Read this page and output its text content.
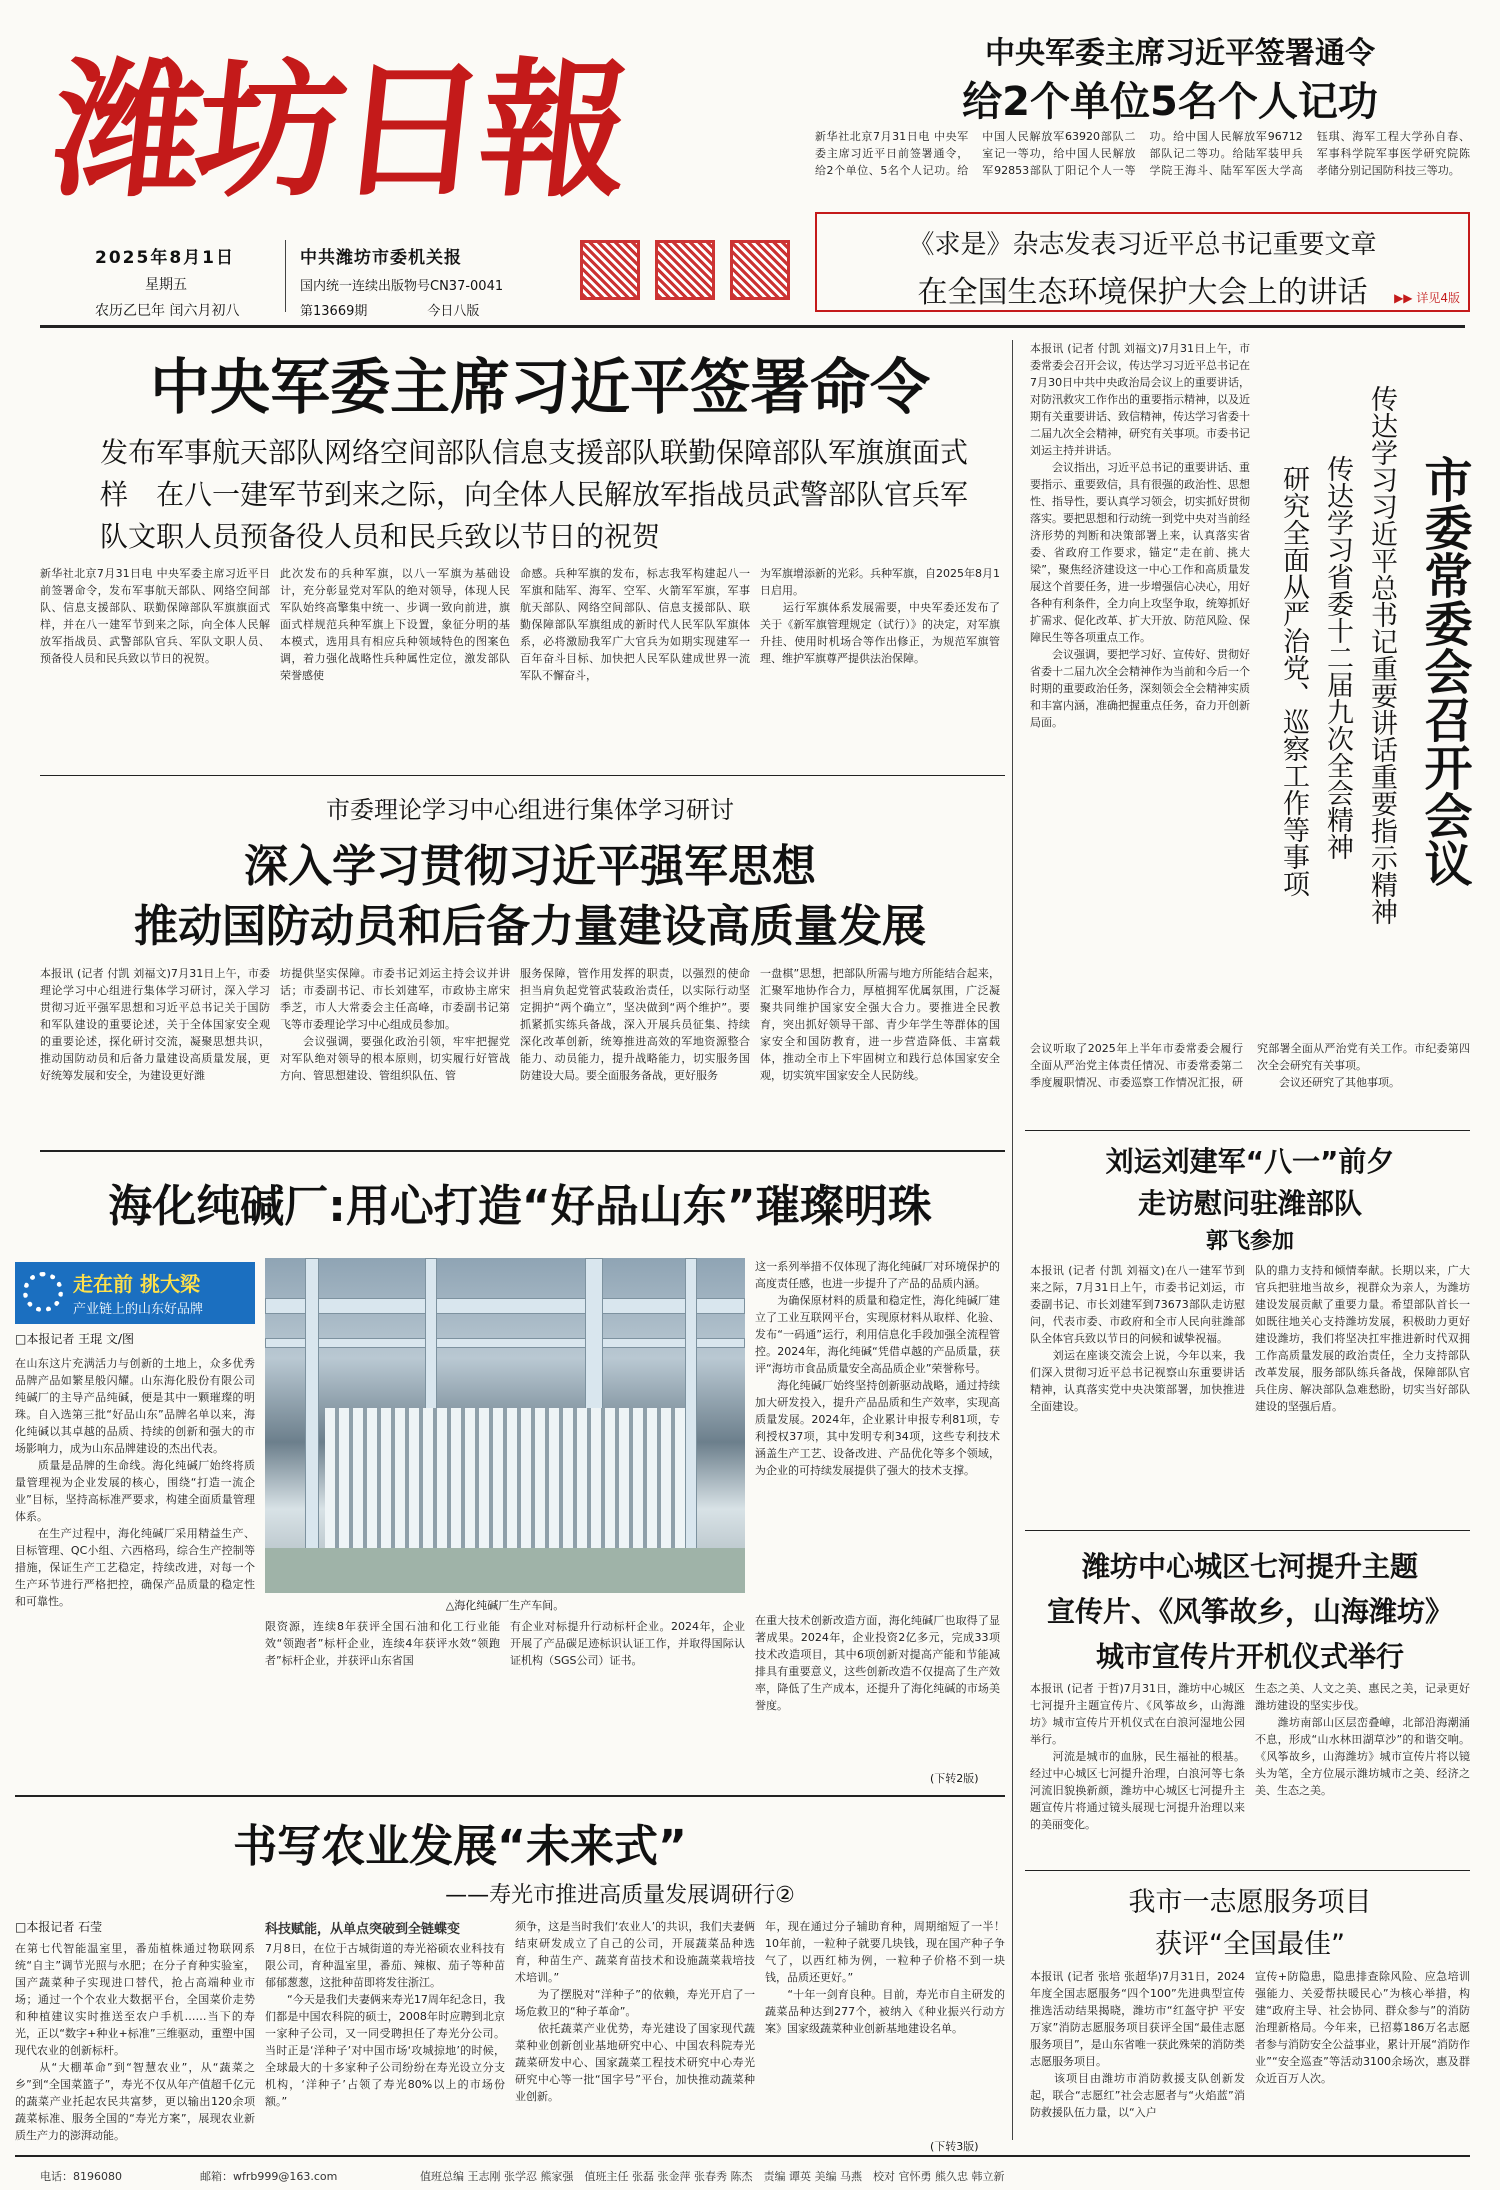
潍坊日報	中央军委主席习近平签署通令
给2个单位5名个人记功
新华社北京7月31日电 中央军委主席习近平日前签署通令，给2个单位、5名个人记功。给中国人民解放军63920部队二室记一等功，给中国人民解放军92853部队丁阳记个人一等功。给中国人民解放军96712部队记二等功。给陆军装甲兵学院王海斗、陆军军医大学高钰琪、海军工程大学孙自春、军事科学院军事医学研究院陈孝储分别记国防科技三等功。
2025年8月1日
星期五
农历乙巳年 闰六月初八
中共潍坊市委机关报
国内统一连续出版物号CN37-0041
第13669期	今日八版
《求是》杂志发表习近平总书记重要文章
在全国生态环境保护大会上的讲话	▶▶ 详见4版
中央军委主席习近平签署命令
发布军事航天部队网络空间部队信息支援部队联勤保障部队军旗旗面式样　在八一建军节到来之际，向全体人民解放军指战员武警部队官兵军队文职人员预备役人员和民兵致以节日的祝贺
新华社北京7月31日电 中央军委主席习近平日前签署命令，发布军事航天部队、网络空间部队、信息支援部队、联勤保障部队军旗旗面式样，并在八一建军节到来之际，向全体人民解放军指战员、武警部队官兵、军队文职人员、预备役人员和民兵致以节日的祝贺。
此次发布的兵种军旗，以八一军旗为基础设计，充分彰显党对军队的绝对领导，体现人民军队始终高擎集中统一、步调一致向前进，旗面式样规范兵种军旗上下设置，象征分明的基本模式，选用具有相应兵种领域特色的图案色调，着力强化战略性兵种属性定位，激发部队荣誉感使
命感。兵种军旗的发布，标志我军构建起八一军旗和陆军、海军、空军、火箭军军旗，军事航天部队、网络空间部队、信息支援部队、联勤保障部队军旗组成的新时代人民军队军旗体系，必将激励我军广大官兵为如期实现建军一百年奋斗目标、加快把人民军队建成世界一流军队不懈奋斗，
为军旗增添新的光彩。兵种军旗，自2025年8月1日启用。
　　运行军旗体系发展需要，中央军委还发布了关于《新军旗管理规定（试行）》的决定，对军旗升挂、使用时机场合等作出修正，为规范军旗管理、维护军旗尊严提供法治保障。
市委理论学习中心组进行集体学习研讨
深入学习贯彻习近平强军思想
推动国防动员和后备力量建设高质量发展
本报讯 (记者 付凯 刘福文)7月31日上午，市委理论学习中心组进行集体学习研讨，深入学习贯彻习近平强军思想和习近平总书记关于国防和军队建设的重要论述，关于全体国家安全观的重要论述，探化研讨交流，凝聚思想共识，推动国防动员和后备力量建设高质量发展，更好统筹发展和安全，为建设更好潍
坊提供坚实保障。市委书记刘运主持会议并讲话；市委副书记、市长刘建军，市政协主席宋季芝，市人大常委会主任高峰，市委副书记第飞等市委理论学习中心组成员参加。
　　会议强调，要强化政治引领，牢牢把握党对军队绝对领导的根本原则，切实履行好管战方向、管思想建设、管组织队伍、管
服务保障，管作用发挥的职责，以强烈的使命担当肩负起党管武装政治责任，以实际行动坚定拥护“两个确立”，坚决做到“两个维护”。要抓紧抓实练兵备战，深入开展兵员征集、持续深化改革创新，统筹推进高效的军地资源整合能力、动员能力，提升战略能力，切实服务国防建设大局。要全面服务备战，更好服务
一盘棋”思想，把部队所需与地方所能结合起来，汇聚军地协作合力，厚植拥军优属氛围，广泛凝聚共同维护国家安全强大合力。要推进全民教育，突出抓好领导干部、青少年学生等群体的国家安全和国防教育，进一步营造降低、丰富载体，推动全市上下牢固树立和践行总体国家安全观，切实筑牢国家安全人民防线。
本报讯 (记者 付凯 刘福文)7月31日上午，市委常委会召开会议，传达学习习近平总书记在7月30日中共中央政治局会议上的重要讲话，对防汛救灾工作作出的重要指示精神，以及近期有关重要讲话、致信精神，传达学习省委十二届九次全会精神，研究有关事项。市委书记刘运主持并讲话。
　　会议指出，习近平总书记的重要讲话、重要指示、重要致信，具有很强的政治性、思想性、指导性，要认真学习领会，切实抓好贯彻落实。要把思想和行动统一到党中央对当前经济形势的判断和决策部署上来，认真落实省委、省政府工作要求，锚定“走在前、挑大梁”，聚焦经济建设这一中心工作和高质量发展这个首要任务，进一步增强信心决心，用好各种有利条件，全力向上攻坚争取，统筹抓好扩需求、促化改革、扩大开放、防范风险、保障民生等各项重点工作。
　　会议强调，要把学习好、宣传好、贯彻好省委十二届九次全会精神作为当前和今后一个时期的重要政治任务，深刻领会全会精神实质和丰富内涵，准确把握重点任务，奋力开创新局面。	市委常委会召开会议
传达学习习近平总书记重要讲话重要指示精神
传达学习省委十二届九次全会精神
研究全面从严治党、巡察工作等事项
会议听取了2025年上半年市委常委会履行全面从严治党主体责任情况、市委常委第二季度履职情况、市委巡察工作情况汇报，研究部署全面从严治党有关工作。市纪委第四次全会研究有关事项。
　　会议还研究了其他事项。
刘运刘建军“八一”前夕
走访慰问驻潍部队
郭飞参加
本报讯 (记者 付凯 刘福文)在八一建军节到来之际，7月31日上午，市委书记刘运，市委副书记、市长刘建军到73673部队走访慰问，代表市委、市政府和全市人民向驻潍部队全体官兵致以节日的问候和诚挚祝福。
　　刘运在座谈交流会上说，今年以来，我们深入贯彻习近平总书记视察山东重要讲话精神，认真落实党中央决策部署，加快推进全面建设。
队的鼎力支持和倾情奉献。长期以来，广大官兵把驻地当故乡，视群众为亲人，为潍坊建设发展贡献了重要力量。希望部队首长一如既往地关心支持潍坊发展，积极助力更好建设潍坊，我们将坚决扛牢推进新时代双拥工作高质量发展的政治责任，全力支持部队改革发展，服务部队练兵备战，保障部队官兵住房、解决部队急难愁盼，切实当好部队建设的坚强后盾。
潍坊中心城区七河提升主题
宣传片、《风筝故乡，山海潍坊》
城市宣传片开机仪式举行
本报讯 (记者 于哲)7月31日，潍坊中心城区七河提升主题宣传片、《风筝故乡，山海潍坊》城市宣传片开机仪式在白浪河湿地公园举行。
　　河流是城市的血脉，民生福祉的根基。经过中心城区七河提升治理，白浪河等七条河流旧貌换新颜，潍坊中心城区七河提升主题宣传片将通过镜头展现七河提升治理以来的美丽变化。
生态之美、人文之美、惠民之美，记录更好潍坊建设的坚实步伐。
　　潍坊南部山区层峦叠嶂，北部沿海潮涌不息，形成“山水林田湖草沙”的和谐交响。《风筝故乡，山海潍坊》城市宣传片将以镜头为笔，全方位展示潍坊城市之美、经济之美、生态之美。
我市一志愿服务项目
获评“全国最佳”
本报讯 (记者 张培 张超华)7月31日，2024年度全国志愿服务“四个100”先进典型宣传推选活动结果揭晓，潍坊市“红盔守护 平安万家”消防志愿服务项目获评全国“最佳志愿服务项目”，是山东省唯一获此殊荣的消防类志愿服务项目。
　　该项目由潍坊市消防救援支队创新发起，联合“志愿红”社会志愿者与“火焰蓝”消防救援队伍力量，以“入户
宣传+防隐患，隐患排查除风险、应急培训强能力、关爱帮扶暖民心”为核心举措，构建“政府主导、社会协同、群众参与”的消防治理新格局。今年来，已招募186万名志愿者参与消防安全公益事业，累计开展“消防作业”“安全巡查”等活动3100余场次，惠及群众近百万人次。
海化纯碱厂:用心打造“好品山东”璀璨明珠
走在前 挑大梁
产业链上的山东好品牌
□本报记者 王琨 文/图
在山东这片充满活力与创新的土地上，众多优秀品牌产品如繁星般闪耀。山东海化股份有限公司纯碱厂的主导产品纯碱，便是其中一颗璀璨的明珠。自入选第三批“好品山东”品牌名单以来，海化纯碱以其卓越的品质、持续的创新和强大的市场影响力，成为山东品牌建设的杰出代表。
　　质量是品牌的生命线。海化纯碱厂始终将质量管理视为企业发展的核心，围绕“打造一流企业”目标，坚持高标准严要求，构建全面质量管理体系。
　　在生产过程中，海化纯碱厂采用精益生产、目标管理、QC小组、六西格玛，综合生产控制等措施，保证生产工艺稳定，持续改进，对每一个生产环节进行严格把控，确保产品质量的稳定性和可靠性。	△海化纯碱厂生产车间。
限资源，连续8年获评全国石油和化工行业能效“领跑者”标杆企业，连续4年获评水效“领跑者”标杆企业，并获评山东省国
有企业对标提升行动标杆企业。2024年，企业开展了产品碳足迹标识认证工作，并取得国际认证机构（SGS公司）证书。
这一系列举措不仅体现了海化纯碱厂对环境保护的高度责任感，也进一步提升了产品的品质内涵。
　　为确保原材料的质量和稳定性，海化纯碱厂建立了工业互联网平台，实现原材料从取样、化验、发布“一码通”运行，利用信息化手段加强全流程管控。2024年，海化纯碱“凭借卓越的产品质量，获评“海坊市食品质量安全高品质企业”荣誉称号。
　　海化纯碱厂始终坚持创新驱动战略，通过持续加大研发投入，提升产品品质和生产效率，实现高质量发展。2024年，企业累计申报专利81项，专利授权37项，其中发明专利34项，这些专利技术涵盖生产工艺、设备改进、产品优化等多个领域，为企业的可持续发展提供了强大的技术支撑。
在重大技术创新改造方面，海化纯碱厂也取得了显著成果。2024年，企业投资2亿多元，完成33项技术改造项目，其中6项创新对提高产能和节能减排具有重要意义，这些创新改造不仅提高了生产效率，降低了生产成本，还提升了海化纯碱的市场美誉度。
(下转2版)
书写农业发展“未来式”
——寿光市推进高质量发展调研行②
□本报记者 石莹
在第七代智能温室里，番茄植株通过物联网系统“自主”调节光照与水肥；在分子育种实验室，国产蔬菜种子实现进口替代，抢占高端种业市场；通过一个个农业大数据平台，全国菜价走势和种植建议实时推送至农户手机……当下的寿光，正以“数字+种业+标准”三维驱动，重塑中国现代农业的创新标杆。
　　从“大棚革命”到“智慧农业”，从“蔬菜之乡”到“全国菜篮子”，寿光不仅从年产值超千亿元的蔬菜产业托起农民共富梦，更以输出120余项蔬菜标准、服务全国的“寿光方案”，展现农业新质生产力的澎湃动能。
科技赋能，从单点突破到全链蝶变
7月8日，在位于古城街道的寿光裕硕农业科技有限公司，育种温室里，番茄、辣椒、茄子等种苗郁郁葱葱，这批种苗即将发往浙江。
　　“今天是我们夫妻俩来寿光17周年纪念日，我们都是中国农科院的硕士，2008年时应聘到北京一家种子公司，又一同受聘担任了寿光分公司。当时正是‘洋种子’对中国市场‘攻城掠地’的时候，全球最大的十多家种子公司纷纷在寿光设立分支机构，‘洋种子’占领了寿光80%以上的市场份额。”
须争，这是当时我们‘农业人’的共识，我们夫妻俩结束研发成立了自己的公司，开展蔬菜品种选育，种苗生产、蔬菜育苗技术和设施蔬菜栽培技术培训。”
　　为了摆脱对“洋种子”的依赖，寿光开启了一场危救卫的“种子革命”。
　　依托蔬菜产业优势，寿光建设了国家现代蔬菜种业创新创业基地研究中心、中国农科院寿光蔬菜研发中心、国家蔬菜工程技术研究中心寿光研究中心等一批“国字号”平台，加快推动蔬菜种业创新。
年，现在通过分子辅助育种，周期缩短了一半！10年前，一粒种子就要几块钱，现在国产种子争气了，以西红柿为例，一粒种子价格不到一块钱，品质还更好。”
　　“十年一剑育良种。目前，寿光市自主研发的蔬菜品种达到277个，被纳入《种业振兴行动方案》国家级蔬菜种业创新基地建设名单。
(下转3版)
电话：8196080	邮箱：wfrb999@163.com	值班总编 王志刚 张学忍 熊家强　值班主任 张磊 张金萍 张春秀 陈杰　责编 谭英 美编 马燕　校对 官怀勇 熊久忠 韩立新
